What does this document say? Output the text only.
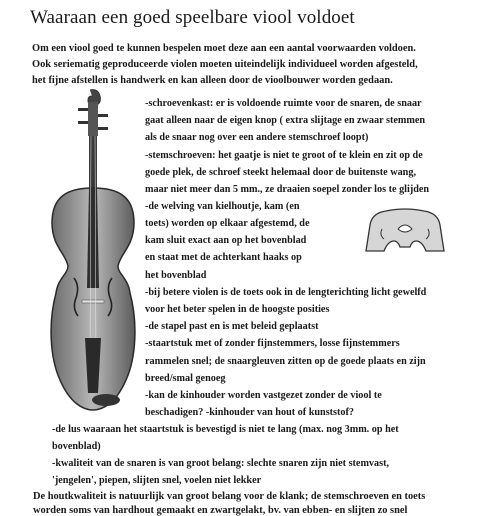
Waaraan een goed speelbare viool voldoet
Om een viool goed te kunnen bespelen moet deze aan een aantal voorwaarden voldoen.
Ook seriematig geproduceerde violen moeten uiteindelijk individueel worden afgesteld,
het fijne afstellen is handwerk en kan alleen door de vioolbouwer worden gedaan.
-schroevenkast: er is voldoende ruimte voor de snaren, de snaar
gaat alleen naar de eigen knop ( extra slijtage en zwaar stemmen
als de snaar nog over een andere stemschroef loopt)
-stemschroeven: het gaatje is niet te groot of te klein en zit op de
goede plek, de schroef steekt helemaal door de buitenste wang,
maar niet meer dan 5 mm., ze draaien soepel zonder los te glijden
-de welving van kielhoutje, kam (en
toets) worden op elkaar afgestemd, de
kam sluit exact aan op het bovenblad
en staat met de achterkant haaks op
het bovenblad
-bij betere violen is de toets ook in de lengterichting licht gewelfd
voor het beter spelen in de hoogste posities
-de stapel past en is met beleid geplaatst
-staartstuk met of zonder fijnstemmers, losse fijnstemmers
rammelen snel; de snaargleuven zitten op de goede plaats en zijn
breed/smal genoeg
-kan de kinhouder worden vastgezet zonder de viool te
beschadigen? -kinhouder van hout of kunststof?
-de lus waaraan het staartstuk is bevestigd is niet te lang (max. nog 3mm. op het
bovenblad)
-kwaliteit van de snaren is van groot belang: slechte snaren zijn niet stemvast,
'jengelen', piepen, slijten snel, voelen niet lekker
De houtkwaliteit is natuurlijk van groot belang voor de klank; de stemschroeven en toets
worden soms van hardhout gemaakt en zwartgelakt, bv. van ebben- en slijten zo snel
